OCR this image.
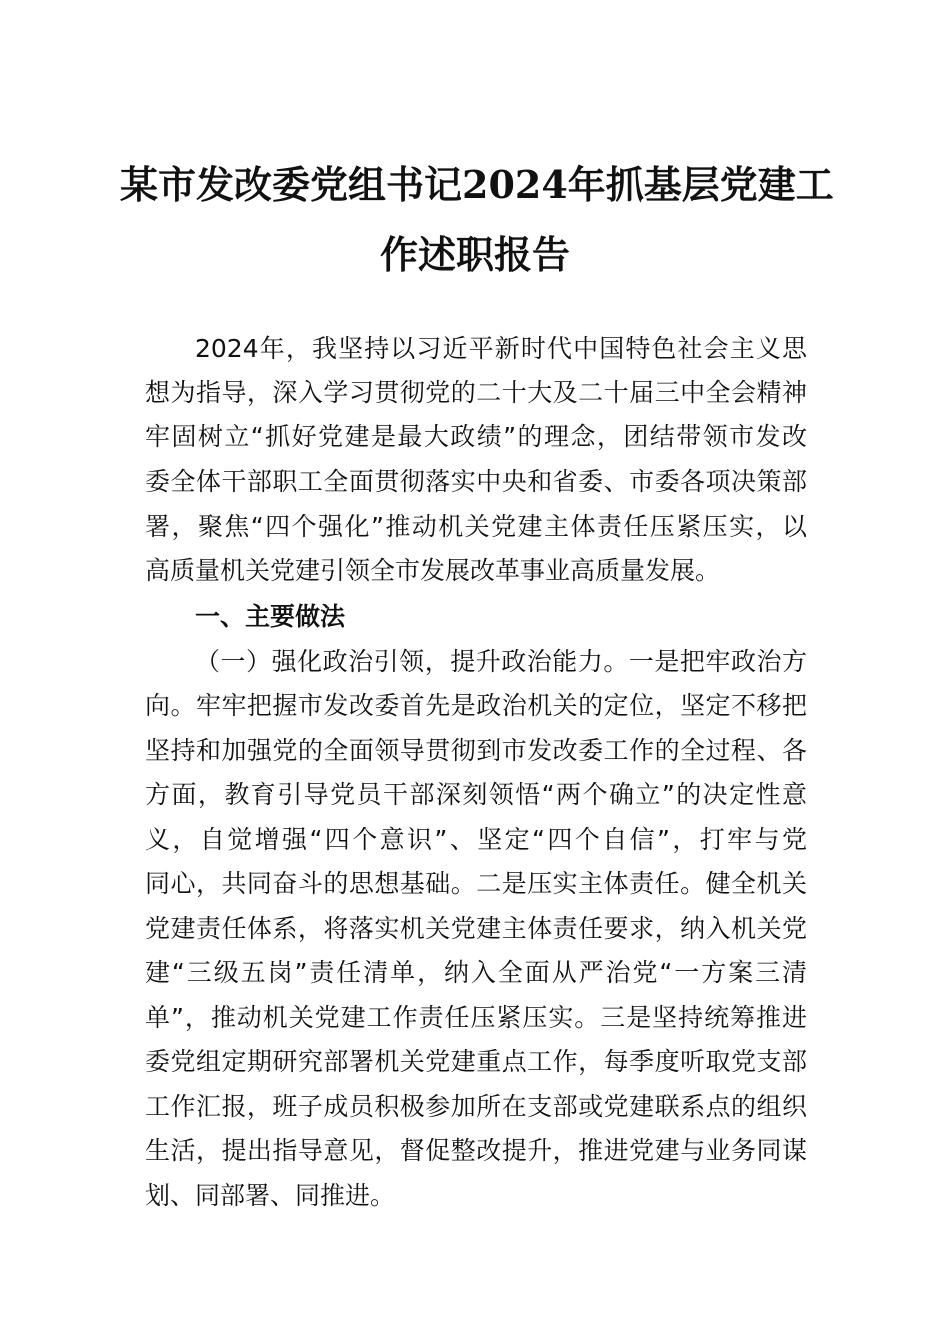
某市发改委党组书记2024年抓基层党建工
作述职报告

2024年，我坚持以习近平新时代中国特色社会主义思

想为指导，深入学习贯彻党的二十大及二十届三中全会精神

牢固树立“抓好党建是最大政绩”的理念，团结带领市发改

委全体干部职工全面贯彻落实中央和省委、市委各项决策部

署，聚焦“四个强化”推动机关党建主体责任压紧压实，以

高质量机关党建引领全市发展改革事业高质量发展。

一、主要做法

（一）强化政治引领，提升政治能力。一是把牢政治方

向。牢牢把握市发改委首先是政治机关的定位，坚定不移把

坚持和加强党的全面领导贯彻到市发改委工作的全过程、各

方面，教育引导党员干部深刻领悟“两个确立”的决定性意

义，自觉增强“四个意识”、坚定“四个自信”，打牢与党

同心，共同奋斗的思想基础。二是压实主体责任。健全机关

党建责任体系，将落实机关党建主体责任要求，纳入机关党

建“三级五岗”责任清单，纳入全面从严治党“一方案三清

单”，推动机关党建工作责任压紧压实。三是坚持统筹推进

委党组定期研究部署机关党建重点工作，每季度听取党支部

工作汇报，班子成员积极参加所在支部或党建联系点的组织

生活，提出指导意见，督促整改提升，推进党建与业务同谋

划、同部署、同推进。
